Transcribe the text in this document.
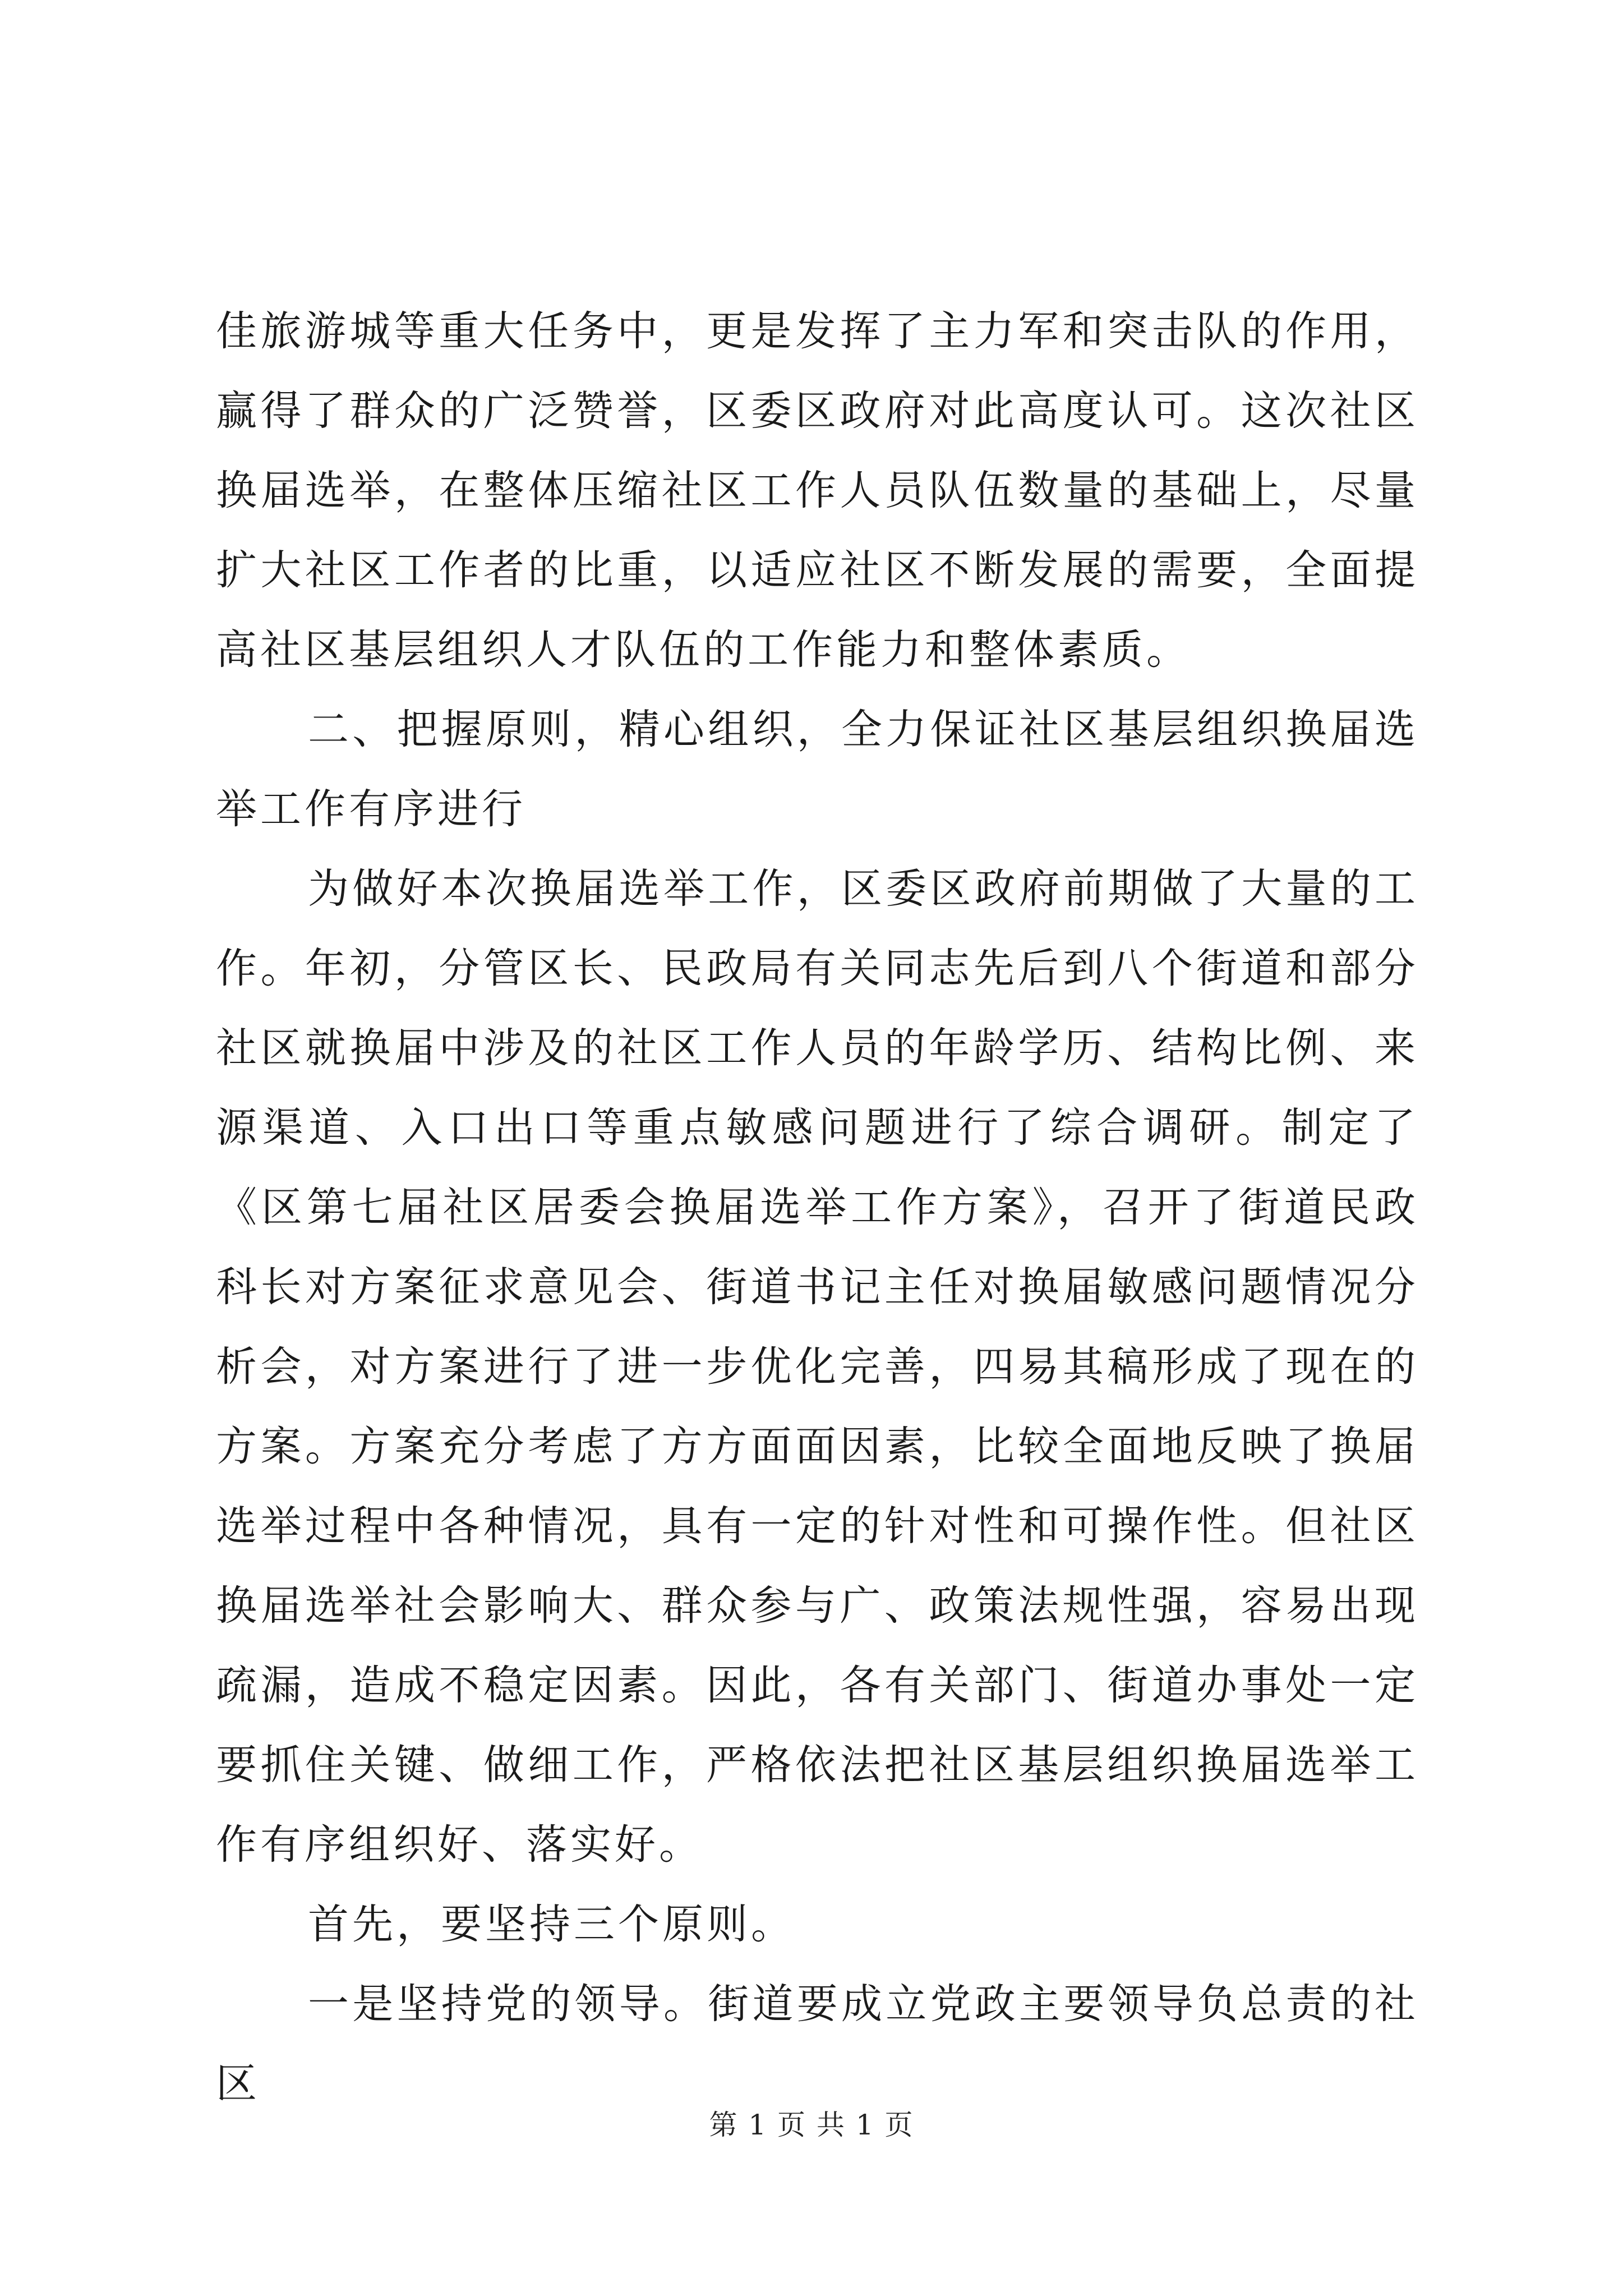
佳旅游城等重大任务中，更是发挥了主力军和突击队的作用，赢得了群众的广泛赞誉，区委区政府对此高度认可。这次社区换届选举，在整体压缩社区工作人员队伍数量的基础上，尽量扩大社区工作者的比重，以适应社区不断发展的需要，全面提高社区基层组织人才队伍的工作能力和整体素质。

二、把握原则，精心组织，全力保证社区基层组织换届选举工作有序进行

为做好本次换届选举工作，区委区政府前期做了大量的工作。年初，分管区长、民政局有关同志先后到八个街道和部分社区就换届中涉及的社区工作人员的年龄学历、结构比例、来源渠道、入口出口等重点敏感问题进行了综合调研。制定了《区第七届社区居委会换届选举工作方案》，召开了街道民政科长对方案征求意见会、街道书记主任对换届敏感问题情况分析会，对方案进行了进一步优化完善，四易其稿形成了现在的方案。方案充分考虑了方方面面因素，比较全面地反映了换届选举过程中各种情况，具有一定的针对性和可操作性。但社区换届选举社会影响大、群众参与广、政策法规性强，容易出现疏漏，造成不稳定因素。因此，各有关部门、街道办事处一定要抓住关键、做细工作，严格依法把社区基层组织换届选举工作有序组织好、落实好。

首先，要坚持三个原则。

一是坚持党的领导。街道要成立党政主要领导负总责的社区

第 1 页 共 1 页
